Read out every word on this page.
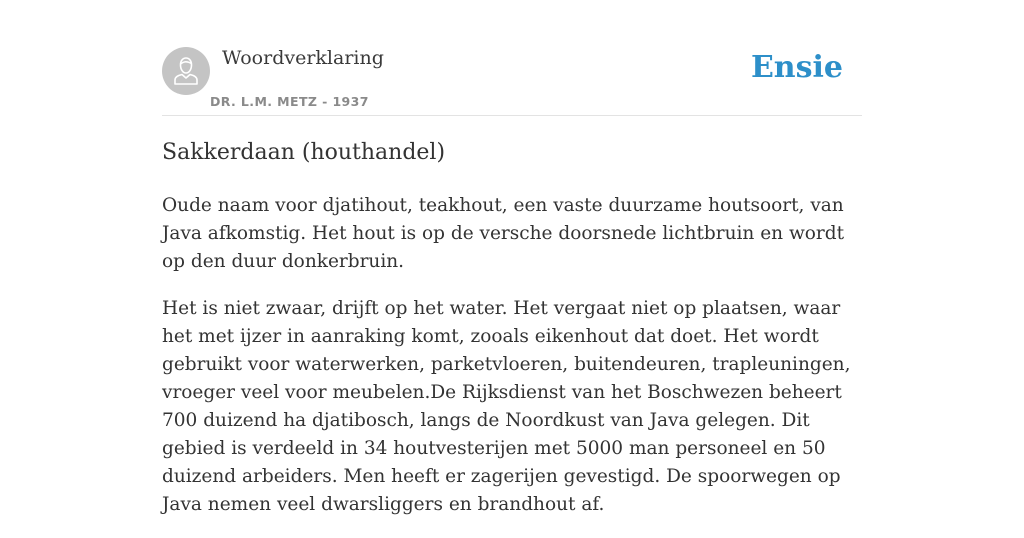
Woordverklaring
DR. L.M. METZ - 1937
Ensie
Sakkerdaan (houthandel)

Oude naam voor djatihout, teakhout, een vaste duurzame houtsoort, van Java afkomstig. Het hout is op de versche doorsnede lichtbruin en wordt op den duur donkerbruin.

Het is niet zwaar, drijft op het water. Het vergaat niet op plaatsen, waar het met ijzer in aanraking komt, zooals eikenhout dat doet. Het wordt gebruikt voor waterwerken, parketvloeren, buitendeuren, trapleuningen, vroeger veel voor meubelen.De Rijksdienst van het Boschwezen beheert 700 duizend ha djatibosch, langs de Noordkust van Java gelegen. Dit gebied is verdeeld in 34 houtvesterijen met 5000 man personeel en 50 duizend arbeiders. Men heeft er zagerijen gevestigd. De spoorwegen op Java nemen veel dwarsliggers en brandhout af.
